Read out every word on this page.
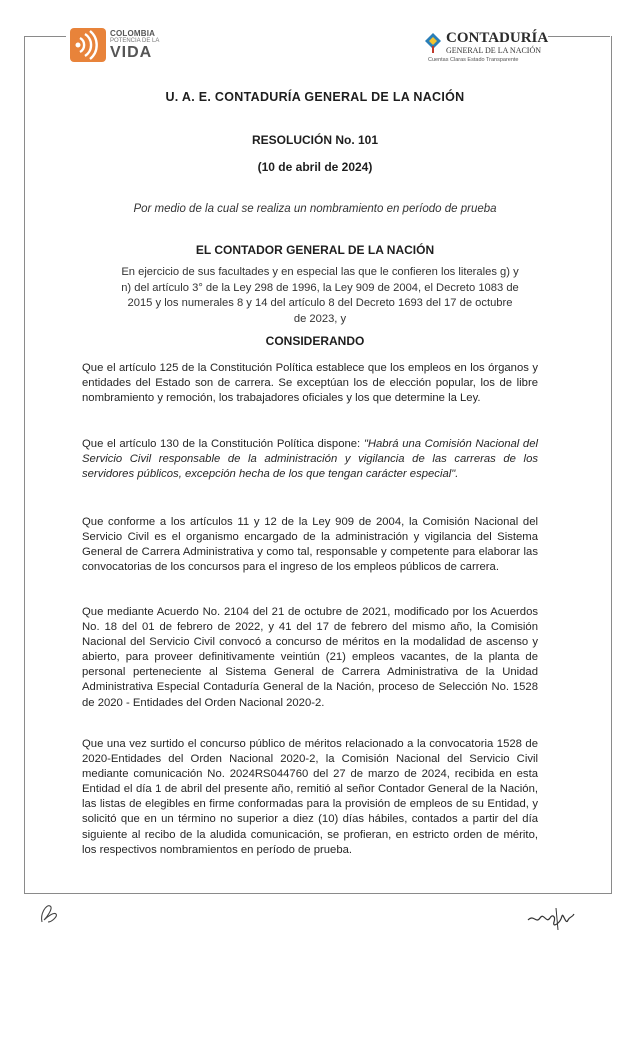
COLOMBIA
POTENCIA DE LA
VIDA
CONTADURÍA
GENERAL DE LA NACIÓN
Cuentas Claras Estado Transparente
U. A. E. CONTADURÍA GENERAL DE LA NACIÓN
RESOLUCIÓN No. 101
(10 de abril de 2024)
Por medio de la cual se realiza un nombramiento en período de prueba
EL CONTADOR GENERAL DE LA NACIÓN
En ejercicio de sus facultades y en especial las que le confieren los literales g) y n) del artículo 3° de la Ley 298 de 1996, la Ley 909 de 2004, el Decreto 1083 de 2015 y los numerales 8 y 14 del artículo 8 del Decreto 1693 del 17 de octubre de 2023, y
CONSIDERANDO
Que el artículo 125 de la Constitución Política establece que los empleos en los órganos y entidades del Estado son de carrera. Se exceptúan los de elección popular, los de libre nombramiento y remoción, los trabajadores oficiales y los que determine la Ley.
Que el artículo 130 de la Constitución Política dispone: "Habrá una Comisión Nacional del Servicio Civil responsable de la administración y vigilancia de las carreras de los servidores públicos, excepción hecha de los que tengan carácter especial".
Que conforme a los artículos 11 y 12 de la Ley 909 de 2004, la Comisión Nacional del Servicio Civil es el organismo encargado de la administración y vigilancia del Sistema General de Carrera Administrativa y como tal, responsable y competente para elaborar las convocatorias de los concursos para el ingreso de los empleos públicos de carrera.
Que mediante Acuerdo No. 2104 del 21 de octubre de 2021, modificado por los Acuerdos No. 18 del 01 de febrero de 2022, y 41 del 17 de febrero del mismo año, la Comisión Nacional del Servicio Civil convocó a concurso de méritos en la modalidad de ascenso y abierto, para proveer definitivamente veintiún (21) empleos vacantes, de la planta de personal perteneciente al Sistema General de Carrera Administrativa de la Unidad Administrativa Especial Contaduría General de la Nación, proceso de Selección No. 1528 de 2020 - Entidades del Orden Nacional 2020-2.
Que una vez surtido el concurso público de méritos relacionado a la convocatoria 1528 de 2020-Entidades del Orden Nacional 2020-2, la Comisión Nacional del Servicio Civil mediante comunicación No. 2024RS044760 del 27 de marzo de 2024, recibida en esta Entidad el día 1 de abril del presente año, remitió al señor Contador General de la Nación, las listas de elegibles en firme conformadas para la provisión de empleos de su Entidad, y solicitó que en un término no superior a diez (10) días hábiles, contados a partir del día siguiente al recibo de la aludida comunicación, se profieran, en estricto orden de mérito, los respectivos nombramientos en período de prueba.
